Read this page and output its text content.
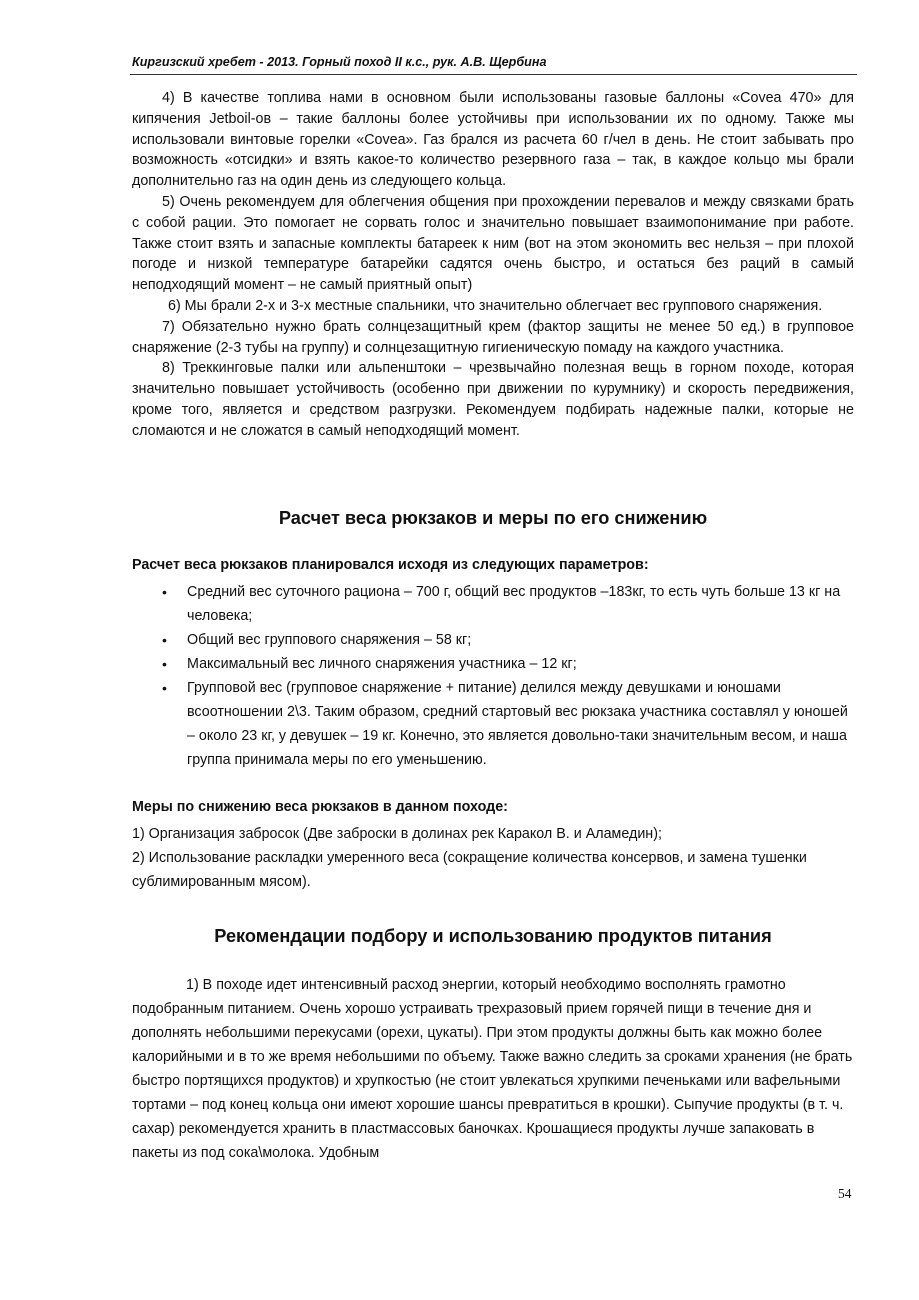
Киргизский хребет - 2013. Горный поход II к.с., рук. А.В. Щербина

4) В качестве топлива нами в основном были использованы газовые баллоны «Covea 470» для кипячения Jetboil-ов – такие баллоны более устойчивы при использовании их по одному. Также мы использовали винтовые горелки «Covea». Газ брался из расчета 60 г/чел в день. Не стоит забывать про возможность «отсидки» и взять какое-то количество резервного газа – так, в каждое кольцо мы брали дополнительно газ на один день из следующего кольца.

5) Очень рекомендуем для облегчения общения при прохождении перевалов и между связками брать с собой рации. Это помогает не сорвать голос и значительно повышает взаимопонимание при работе. Также стоит взять и запасные комплекты батареек к ним (вот на этом экономить вес нельзя – при плохой погоде и низкой температуре батарейки садятся очень быстро, и остаться без раций в самый неподходящий момент – не самый приятный опыт)

6) Мы брали 2-х и 3-х местные спальники, что значительно облегчает вес группового снаряжения.

7) Обязательно нужно брать солнцезащитный крем (фактор защиты не менее 50 ед.) в групповое снаряжение (2-3 тубы на группу) и солнцезащитную гигиеническую помаду на каждого участника.

8) Треккинговые палки или альпенштоки – чрезвычайно полезная вещь в горном походе, которая значительно повышает устойчивость (особенно при движении по курумнику) и скорость передвижения, кроме того, является и средством разгрузки. Рекомендуем подбирать надежные палки, которые не сломаются и не сложатся в самый неподходящий момент.

Расчет веса рюкзаков и меры по его снижению
Расчет веса рюкзаков планировался исходя из следующих параметров:
• Средний вес суточного рациона – 700 г, общий вес продуктов –183кг, то есть чуть больше 13 кг на человека;
• Общий вес группового снаряжения – 58 кг;
• Максимальный вес личного снаряжения участника – 12 кг;
• Групповой вес (групповое снаряжение + питание) делился между девушками и юношами всоотношении 2\3. Таким образом, средний стартовый вес рюкзака участника составлял у юношей – около 23 кг, у девушек – 19 кг. Конечно, это является довольно-таки значительным весом, и наша группа принимала меры по его уменьшению.
Меры по снижению веса рюкзаков в данном походе:

1) Организация забросок (Две заброски в долинах рек Каракол В. и Аламедин);

2) Использование раскладки умеренного веса (сокращение количества консервов, и замена тушенки сублимированным мясом).

Рекомендации подбору и использованию продуктов питания

1) В походе идет интенсивный расход энергии, который необходимо восполнять грамотно подобранным питанием. Очень хорошо устраивать трехразовый прием горячей пищи в течение дня и дополнять небольшими перекусами (орехи, цукаты). При этом продукты должны быть как можно более калорийными и в то же время небольшими по объему. Также важно следить за сроками хранения (не брать быстро портящихся продуктов) и хрупкостью (не стоит увлекаться хрупкими печеньками или вафельными тортами – под конец кольца они имеют хорошие шансы превратиться в крошки). Сыпучие продукты (в т. ч. сахар) рекомендуется хранить в пластмассовых баночках. Крошащиеся продукты лучше запаковать в пакеты из под сока\молока. Удобным

54
